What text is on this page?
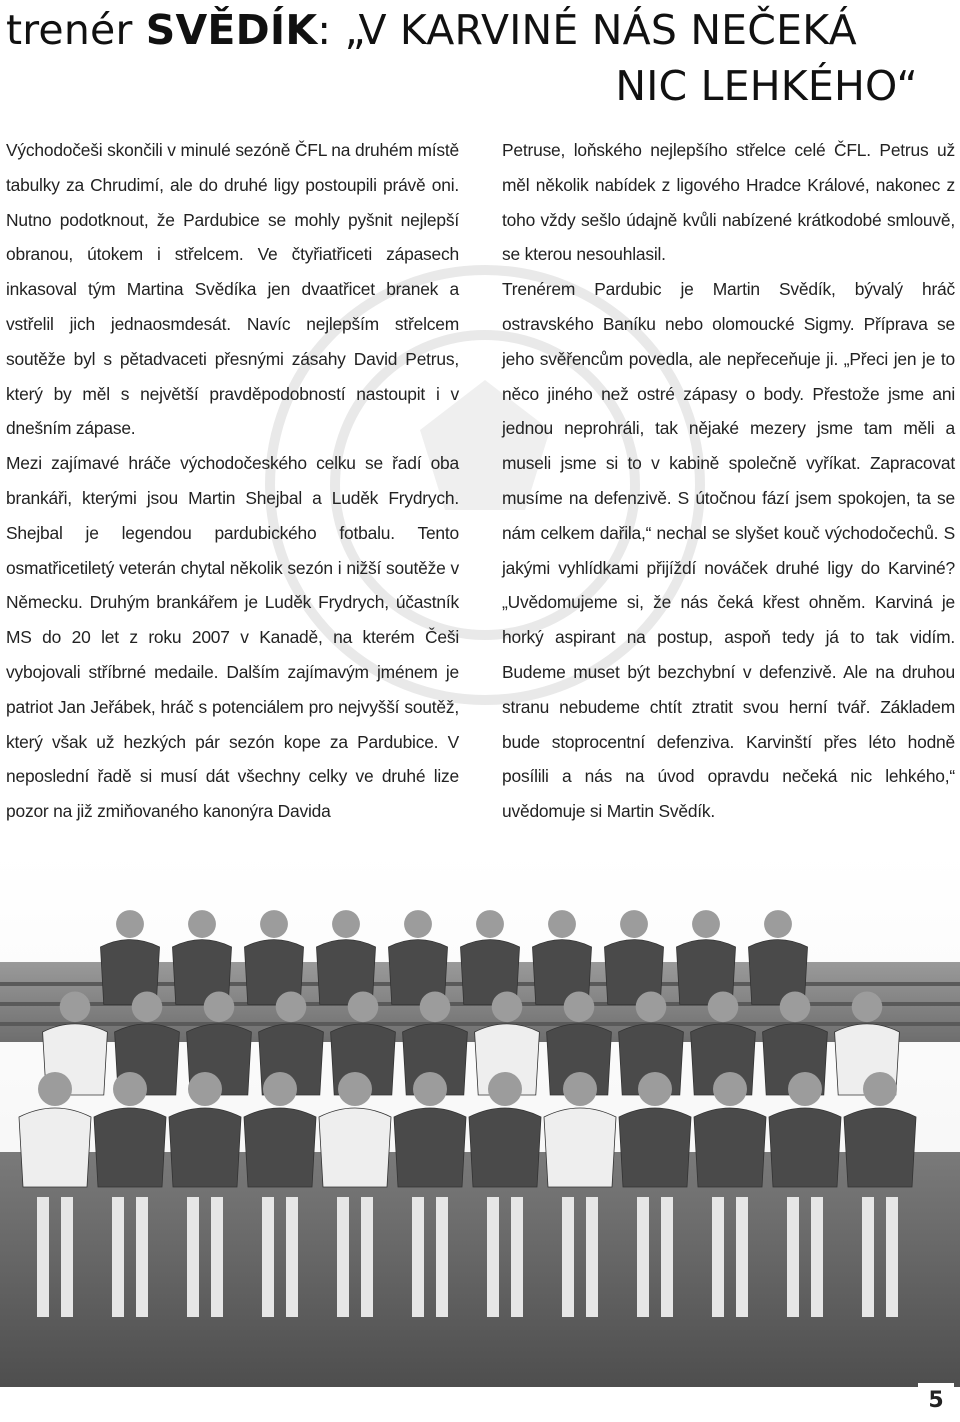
trenér SVĚDÍK: „V KARVINÉ NÁS NEČEKÁ
NIC LEHKÉHO“

Východočeši skončili v minulé sezóně ČFL na druhém místě tabulky za Chrudimí, ale do druhé ligy postoupili právě oni. Nutno podotknout, že Pardubice se mohly pyšnit nejlepší obranou, útokem i střelcem. Ve čtyřiatřiceti zápasech inkasoval tým Martina Svědíka jen dvaatřicet branek a vstřelil jich jednaosmdesát. Navíc nejlepším střelcem soutěže byl s pětadvaceti přesnými zásahy David Petrus, který by měl s největší pravděpodobností nastoupit i v dnešním zápase.

Mezi zajímavé hráče východočeského celku se řadí oba brankáři, kterými jsou Martin Shejbal a Luděk Frydrych. Shejbal je legendou pardubického fotbalu. Tento osmatřicetiletý veterán chytal několik sezón i nižší soutěže v Německu. Druhým brankářem je Luděk Frydrych, účastník MS do 20 let z roku 2007 v Kanadě, na kterém Češi vybojovali stříbrné medaile. Dalším zajímavým jménem je patriot Jan Jeřábek, hráč s potenciálem pro nejvyšší soutěž, který však už hezkých pár sezón kope za Pardubice. V neposlední řadě si musí dát všechny celky ve druhé lize pozor na již zmiňovaného kanonýra Davida

Petruse, loňského nejlepšího střelce celé ČFL. Petrus už měl několik nabídek z ligového Hradce Králové, nakonec z toho vždy sešlo údajně kvůli nabízené krátkodobé smlouvě, se kterou nesouhlasil.

Trenérem Pardubic je Martin Svědík, bývalý hráč ostravského Baníku nebo olomoucké Sigmy. Příprava se jeho svěřencům povedla, ale nepřeceňuje ji. „Přeci jen je to něco jiného než ostré zápasy o body. Přestože jsme ani jednou neprohráli, tak nějaké mezery jsme tam měli a museli jsme si to v kabině společně vyříkat. Zapracovat musíme na defenzivě. S útočnou fází jsem spokojen, ta se nám celkem dařila,“ nechal se slyšet kouč východočechů. S jakými vyhlídkami přijíždí nováček druhé ligy do Karviné? „Uvědomujeme si, že nás čeká křest ohněm. Karviná je horký aspirant na postup, aspoň tedy já to tak vidím. Budeme muset být bezchybní v defenzivě. Ale na druhou stranu nebudeme chtít ztratit svou herní tvář. Základem bude stoprocentní defenziva. Karvinští přes léto hodně posílili a nás na úvod opravdu nečeká nic lehkého,“ uvědomuje si Martin Svědík.

5
